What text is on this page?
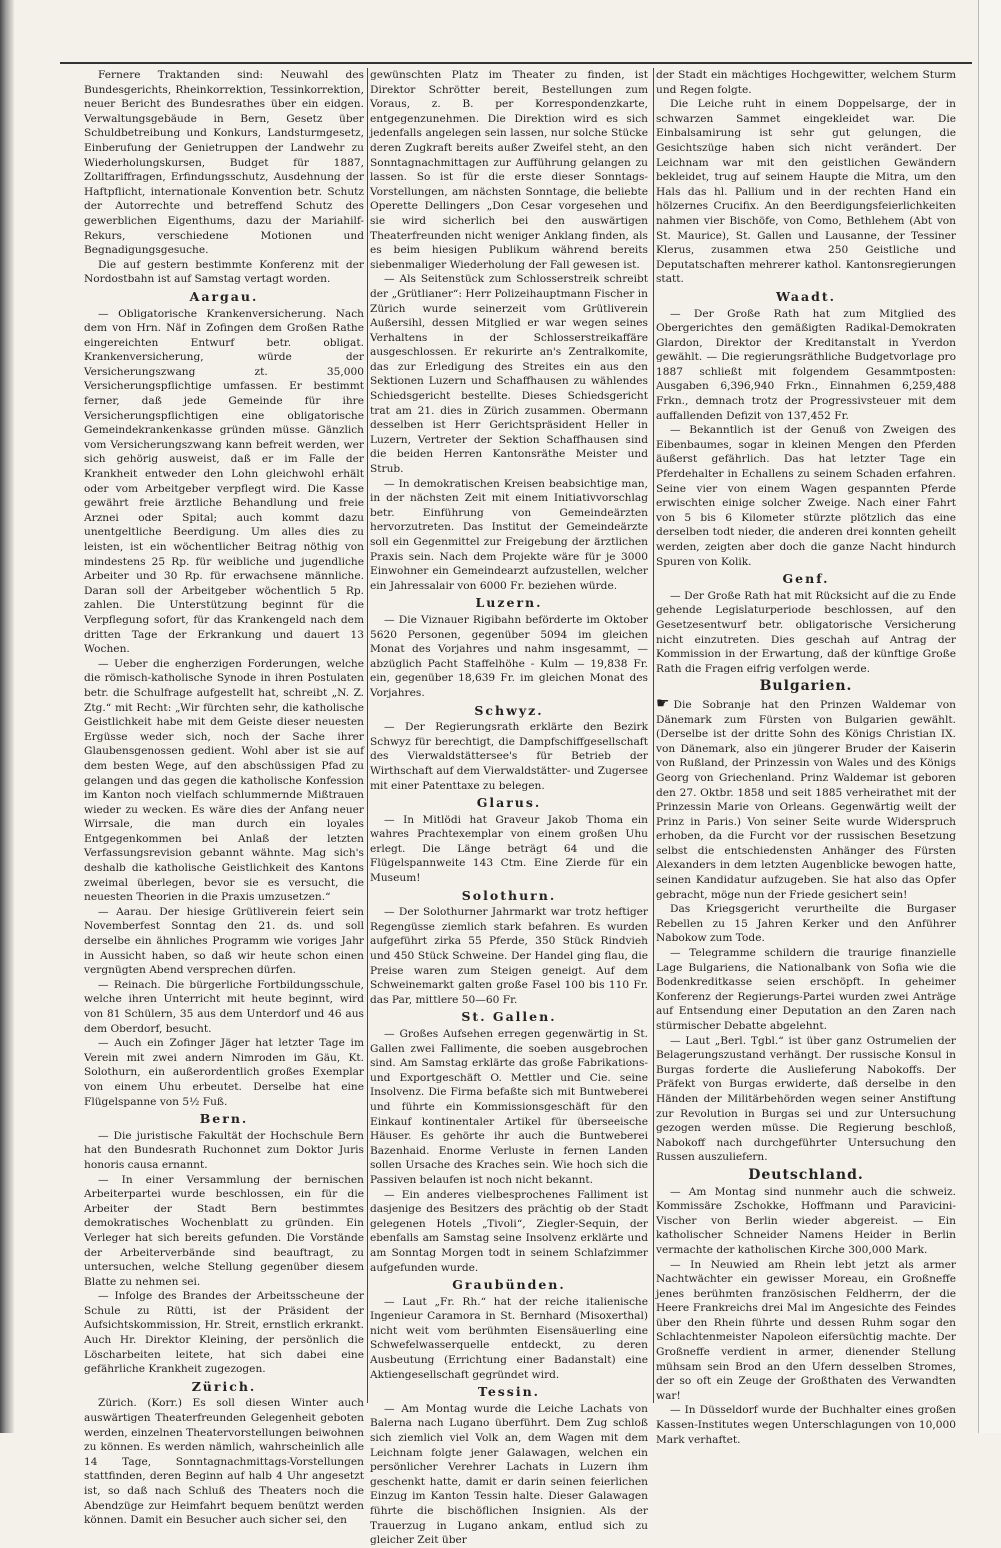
Fernere Traktanden sind: Neuwahl des Bundesgerichts, Rheinkorrektion, Tessinkorrektion, neuer Bericht des Bundesrathes über ein eidgen. Verwaltungsgebäude in Bern, Gesetz über Schuldbetreibung und Konkurs, Landsturmgesetz, Einberufung der Genietruppen der Landwehr zu Wiederholungskursen, Budget für 1887, Zolltariffragen, Erfindungsschutz, Ausdehnung der Haftpflicht, internationale Konvention betr. Schutz der Autorrechte und betreffend Schutz des gewerblichen Eigenthums, dazu der Mariahilf-Rekurs, verschiedene Motionen und Begnadigungsgesuche.

Die auf gestern bestimmte Konferenz mit der Nordostbahn ist auf Samstag vertagt worden.

Aargau.

— Obligatorische Krankenversicherung. Nach dem von Hrn. Näf in Zofingen dem Großen Rathe eingereichten Entwurf betr. obligat. Krankenversicherung, würde der Versicherungszwang zt. 35,000 Versicherungspflichtige umfassen. Er bestimmt ferner, daß jede Gemeinde für ihre Versicherungspflichtigen eine obligatorische Gemeindekrankenkasse gründen müsse. Gänzlich vom Versicherungszwang kann befreit werden, wer sich gehörig ausweist, daß er im Falle der Krankheit entweder den Lohn gleichwohl erhält oder vom Arbeitgeber verpflegt wird. Die Kasse gewährt freie ärztliche Behandlung und freie Arznei oder Spital; auch kommt dazu unentgeltliche Beerdigung. Um alles dies zu leisten, ist ein wöchentlicher Beitrag nöthig von mindestens 25 Rp. für weibliche und jugendliche Arbeiter und 30 Rp. für erwachsene männliche. Daran soll der Arbeitgeber wöchentlich 5 Rp. zahlen. Die Unterstützung beginnt für die Verpflegung sofort, für das Krankengeld nach dem dritten Tage der Erkrankung und dauert 13 Wochen.

— Ueber die engherzigen Forderungen, welche die römisch-katholische Synode in ihren Postulaten betr. die Schulfrage aufgestellt hat, schreibt „N. Z. Ztg.“ mit Recht: „Wir fürchten sehr, die katholische Geistlichkeit habe mit dem Geiste dieser neuesten Ergüsse weder sich, noch der Sache ihrer Glaubensgenossen gedient. Wohl aber ist sie auf dem besten Wege, auf den abschüssigen Pfad zu gelangen und das gegen die katholische Konfession im Kanton noch vielfach schlummernde Mißtrauen wieder zu wecken. Es wäre dies der Anfang neuer Wirrsale, die man durch ein loyales Entgegenkommen bei Anlaß der letzten Verfassungsrevision gebannt wähnte. Mag sich's deshalb die katholische Geistlichkeit des Kantons zweimal überlegen, bevor sie es versucht, die neuesten Theorien in die Praxis umzusetzen.“

— Aarau. Der hiesige Grütliverein feiert sein Novemberfest Sonntag den 21. ds. und soll derselbe ein ähnliches Programm wie voriges Jahr in Aussicht haben, so daß wir heute schon einen vergnügten Abend versprechen dürfen.

— Reinach. Die bürgerliche Fortbildungsschule, welche ihren Unterricht mit heute beginnt, wird von 81 Schülern, 35 aus dem Unterdorf und 46 aus dem Oberdorf, besucht.

— Auch ein Zofinger Jäger hat letzter Tage im Verein mit zwei andern Nimroden im Gäu, Kt. Solothurn, ein außerordentlich großes Exemplar von einem Uhu erbeutet. Derselbe hat eine Flügelspanne von 5½ Fuß.

Bern.

— Die juristische Fakultät der Hochschule Bern hat den Bundesrath Ruchonnet zum Doktor Juris honoris causa ernannt.

— In einer Versammlung der bernischen Arbeiterpartei wurde beschlossen, ein für die Arbeiter der Stadt Bern bestimmtes demokratisches Wochenblatt zu gründen. Ein Verleger hat sich bereits gefunden. Die Vorstände der Arbeiterverbände sind beauftragt, zu untersuchen, welche Stellung gegenüber diesem Blatte zu nehmen sei.

— Infolge des Brandes der Arbeitsscheune der Schule zu Rütti, ist der Präsident der Aufsichtskommission, Hr. Streit, ernstlich erkrankt. Auch Hr. Direktor Kleining, der persönlich die Löscharbeiten leitete, hat sich dabei eine gefährliche Krankheit zugezogen.

Zürich.

Zürich. (Korr.) Es soll diesen Winter auch auswärtigen Theaterfreunden Gelegenheit geboten werden, einzelnen Theatervorstellungen beiwohnen zu können. Es werden nämlich, wahrscheinlich alle 14 Tage, Sonntagnachmittags-Vorstellungen stattfinden, deren Beginn auf halb 4 Uhr angesetzt ist, so daß nach Schluß des Theaters noch die Abendzüge zur Heimfahrt bequem benützt werden können. Damit ein Besucher auch sicher sei, den

gewünschten Platz im Theater zu finden, ist Direktor Schrötter bereit, Bestellungen zum Voraus, z. B. per Korrespondenzkarte, entgegenzunehmen. Die Direktion wird es sich jedenfalls angelegen sein lassen, nur solche Stücke deren Zugkraft bereits außer Zweifel steht, an den Sonntagnachmittagen zur Aufführung gelangen zu lassen. So ist für die erste dieser Sonntags-Vorstellungen, am nächsten Sonntage, die beliebte Operette Dellingers „Don Cesar vorgesehen und sie wird sicherlich bei den auswärtigen Theaterfreunden nicht weniger Anklang finden, als es beim hiesigen Publikum während bereits siebenmaliger Wiederholung der Fall gewesen ist.

— Als Seitenstück zum Schlosserstreik schreibt der „Grütlianer“: Herr Polizeihauptmann Fischer in Zürich wurde seinerzeit vom Grütliverein Außersihl, dessen Mitglied er war wegen seines Verhaltens in der Schlosserstreikaffäre ausgeschlossen. Er rekurirte an's Zentralkomite, das zur Erledigung des Streites ein aus den Sektionen Luzern und Schaffhausen zu wählendes Schiedsgericht bestellte. Dieses Schiedsgericht trat am 21. dies in Zürich zusammen. Obermann desselben ist Herr Gerichtspräsident Heller in Luzern, Vertreter der Sektion Schaffhausen sind die beiden Herren Kantonsräthe Meister und Strub.

— In demokratischen Kreisen beabsichtige man, in der nächsten Zeit mit einem Initiativvorschlag betr. Einführung von Gemeindeärzten hervorzutreten. Das Institut der Gemeindeärzte soll ein Gegenmittel zur Freigebung der ärztlichen Praxis sein. Nach dem Projekte wäre für je 3000 Einwohner ein Gemeindearzt aufzustellen, welcher ein Jahressalair von 6000 Fr. beziehen würde.

Luzern.

— Die Viznauer Rigibahn beförderte im Oktober 5620 Personen, gegenüber 5094 im gleichen Monat des Vorjahres und nahm insgesammt, — abzüglich Pacht Staffelhöhe - Kulm — 19,838 Fr. ein, gegenüber 18,639 Fr. im gleichen Monat des Vorjahres.

Schwyz.

— Der Regierungsrath erklärte den Bezirk Schwyz für berechtigt, die Dampfschiffgesellschaft des Vierwaldstättersee's für Betrieb der Wirthschaft auf dem Vierwaldstätter- und Zugersee mit einer Patenttaxe zu belegen.

Glarus.

— In Mitlödi hat Graveur Jakob Thoma ein wahres Prachtexemplar von einem großen Uhu erlegt. Die Länge beträgt 64 und die Flügelspannweite 143 Ctm. Eine Zierde für ein Museum!

Solothurn.

— Der Solothurner Jahrmarkt war trotz heftiger Regengüsse ziemlich stark befahren. Es wurden aufgeführt zirka 55 Pferde, 350 Stück Rindvieh und 450 Stück Schweine. Der Handel ging flau, die Preise waren zum Steigen geneigt. Auf dem Schweinemarkt galten große Fasel 100 bis 110 Fr. das Par, mittlere 50—60 Fr.

St. Gallen.

— Großes Aufsehen erregen gegenwärtig in St. Gallen zwei Fallimente, die soeben ausgebrochen sind. Am Samstag erklärte das große Fabrikations- und Exportgeschäft O. Mettler und Cie. seine Insolvenz. Die Firma befaßte sich mit Buntweberei und führte ein Kommissionsgeschäft für den Einkauf kontinentaler Artikel für überseeische Häuser. Es gehörte ihr auch die Buntweberei Bazenhaid. Enorme Verluste in fernen Landen sollen Ursache des Kraches sein. Wie hoch sich die Passiven belaufen ist noch nicht bekannt.

— Ein anderes vielbesprochenes Falliment ist dasjenige des Besitzers des prächtig ob der Stadt gelegenen Hotels „Tivoli“, Ziegler-Sequin, der ebenfalls am Samstag seine Insolvenz erklärte und am Sonntag Morgen todt in seinem Schlafzimmer aufgefunden wurde.

Graubünden.

— Laut „Fr. Rh.“ hat der reiche italienische Ingenieur Caramora in St. Bernhard (Misoxerthal) nicht weit vom berühmten Eisensäuerling eine Schwefelwasserquelle entdeckt, zu deren Ausbeutung (Errichtung einer Badanstalt) eine Aktiengesellschaft gegründet wird.

Tessin.

— Am Montag wurde die Leiche Lachats von Balerna nach Lugano überführt. Dem Zug schloß sich ziemlich viel Volk an, dem Wagen mit dem Leichnam folgte jener Galawagen, welchen ein persönlicher Verehrer Lachats in Luzern ihm geschenkt hatte, damit er darin seinen feierlichen Einzug im Kanton Tessin halte. Dieser Galawagen führte die bischöflichen Insignien. Als der Trauerzug in Lugano ankam, entlud sich zu gleicher Zeit über

der Stadt ein mächtiges Hochgewitter, welchem Sturm und Regen folgte.

Die Leiche ruht in einem Doppelsarge, der in schwarzen Sammet eingekleidet war. Die Einbalsamirung ist sehr gut gelungen, die Gesichtszüge haben sich nicht verändert. Der Leichnam war mit den geistlichen Gewändern bekleidet, trug auf seinem Haupte die Mitra, um den Hals das hl. Pallium und in der rechten Hand ein hölzernes Crucifix. An den Beerdigungsfeierlichkeiten nahmen vier Bischöfe, von Como, Bethlehem (Abt von St. Maurice), St. Gallen und Lausanne, der Tessiner Klerus, zusammen etwa 250 Geistliche und Deputatschaften mehrerer kathol. Kantonsregierungen statt.

Waadt.

— Der Große Rath hat zum Mitglied des Obergerichtes den gemäßigten Radikal-Demokraten Glardon, Direktor der Kreditanstalt in Yverdon gewählt. — Die regierungsräthliche Budgetvorlage pro 1887 schließt mit folgendem Gesammtposten: Ausgaben 6,396,940 Frkn., Einnahmen 6,259,488 Frkn., demnach trotz der Progressivsteuer mit dem auffallenden Defizit von 137,452 Fr.

— Bekanntlich ist der Genuß von Zweigen des Eibenbaumes, sogar in kleinen Mengen den Pferden äußerst gefährlich. Das hat letzter Tage ein Pferdehalter in Echallens zu seinem Schaden erfahren. Seine vier von einem Wagen gespannten Pferde erwischten einige solcher Zweige. Nach einer Fahrt von 5 bis 6 Kilometer stürzte plötzlich das eine derselben todt nieder, die anderen drei konnten geheilt werden, zeigten aber doch die ganze Nacht hindurch Spuren von Kolik.

Genf.

— Der Große Rath hat mit Rücksicht auf die zu Ende gehende Legislaturperiode beschlossen, auf den Gesetzesentwurf betr. obligatorische Versicherung nicht einzutreten. Dies geschah auf Antrag der Kommission in der Erwartung, daß der künftige Große Rath die Fragen eifrig verfolgen werde.

Bulgarien.

☛ Die Sobranje hat den Prinzen Waldemar von Dänemark zum Fürsten von Bulgarien gewählt. (Derselbe ist der dritte Sohn des Königs Christian IX. von Dänemark, also ein jüngerer Bruder der Kaiserin von Rußland, der Prinzessin von Wales und des Königs Georg von Griechenland. Prinz Waldemar ist geboren den 27. Oktbr. 1858 und seit 1885 verheirathet mit der Prinzessin Marie von Orleans. Gegenwärtig weilt der Prinz in Paris.) Von seiner Seite wurde Widerspruch erhoben, da die Furcht vor der russischen Besetzung selbst die entschiedensten Anhänger des Fürsten Alexanders in dem letzten Augenblicke bewogen hatte, seinen Kandidatur aufzugeben. Sie hat also das Opfer gebracht, möge nun der Friede gesichert sein!

Das Kriegsgericht verurtheilte die Burgaser Rebellen zu 15 Jahren Kerker und den Anführer Nabokow zum Tode.

— Telegramme schildern die traurige finanzielle Lage Bulgariens, die Nationalbank von Sofia wie die Bodenkreditkasse seien erschöpft. In geheimer Konferenz der Regierungs-Partei wurden zwei Anträge auf Entsendung einer Deputation an den Zaren nach stürmischer Debatte abgelehnt.

— Laut „Berl. Tgbl.“ ist über ganz Ostrumelien der Belagerungszustand verhängt. Der russische Konsul in Burgas forderte die Auslieferung Nabokoffs. Der Präfekt von Burgas erwiderte, daß derselbe in den Händen der Militärbehörden wegen seiner Anstiftung zur Revolution in Burgas sei und zur Untersuchung gezogen werden müsse. Die Regierung beschloß, Nabokoff nach durchgeführter Untersuchung den Russen auszuliefern.

Deutschland.

— Am Montag sind nunmehr auch die schweiz. Kommissäre Zschokke, Hoffmann und Paravicini-Vischer von Berlin wieder abgereist. — Ein katholischer Schneider Namens Heider in Berlin vermachte der katholischen Kirche 300,000 Mark.

— In Neuwied am Rhein lebt jetzt als armer Nachtwächter ein gewisser Moreau, ein Großneffe jenes berühmten französischen Feldherrn, der die Heere Frankreichs drei Mal im Angesichte des Feindes über den Rhein führte und dessen Ruhm sogar den Schlachtenmeister Napoleon eifersüchtig machte. Der Großneffe verdient in armer, dienender Stellung mühsam sein Brod an den Ufern desselben Stromes, der so oft ein Zeuge der Großthaten des Verwandten war!

— In Düsseldorf wurde der Buchhalter eines großen Kassen-Institutes wegen Unterschlagungen von 10,000 Mark verhaftet.
